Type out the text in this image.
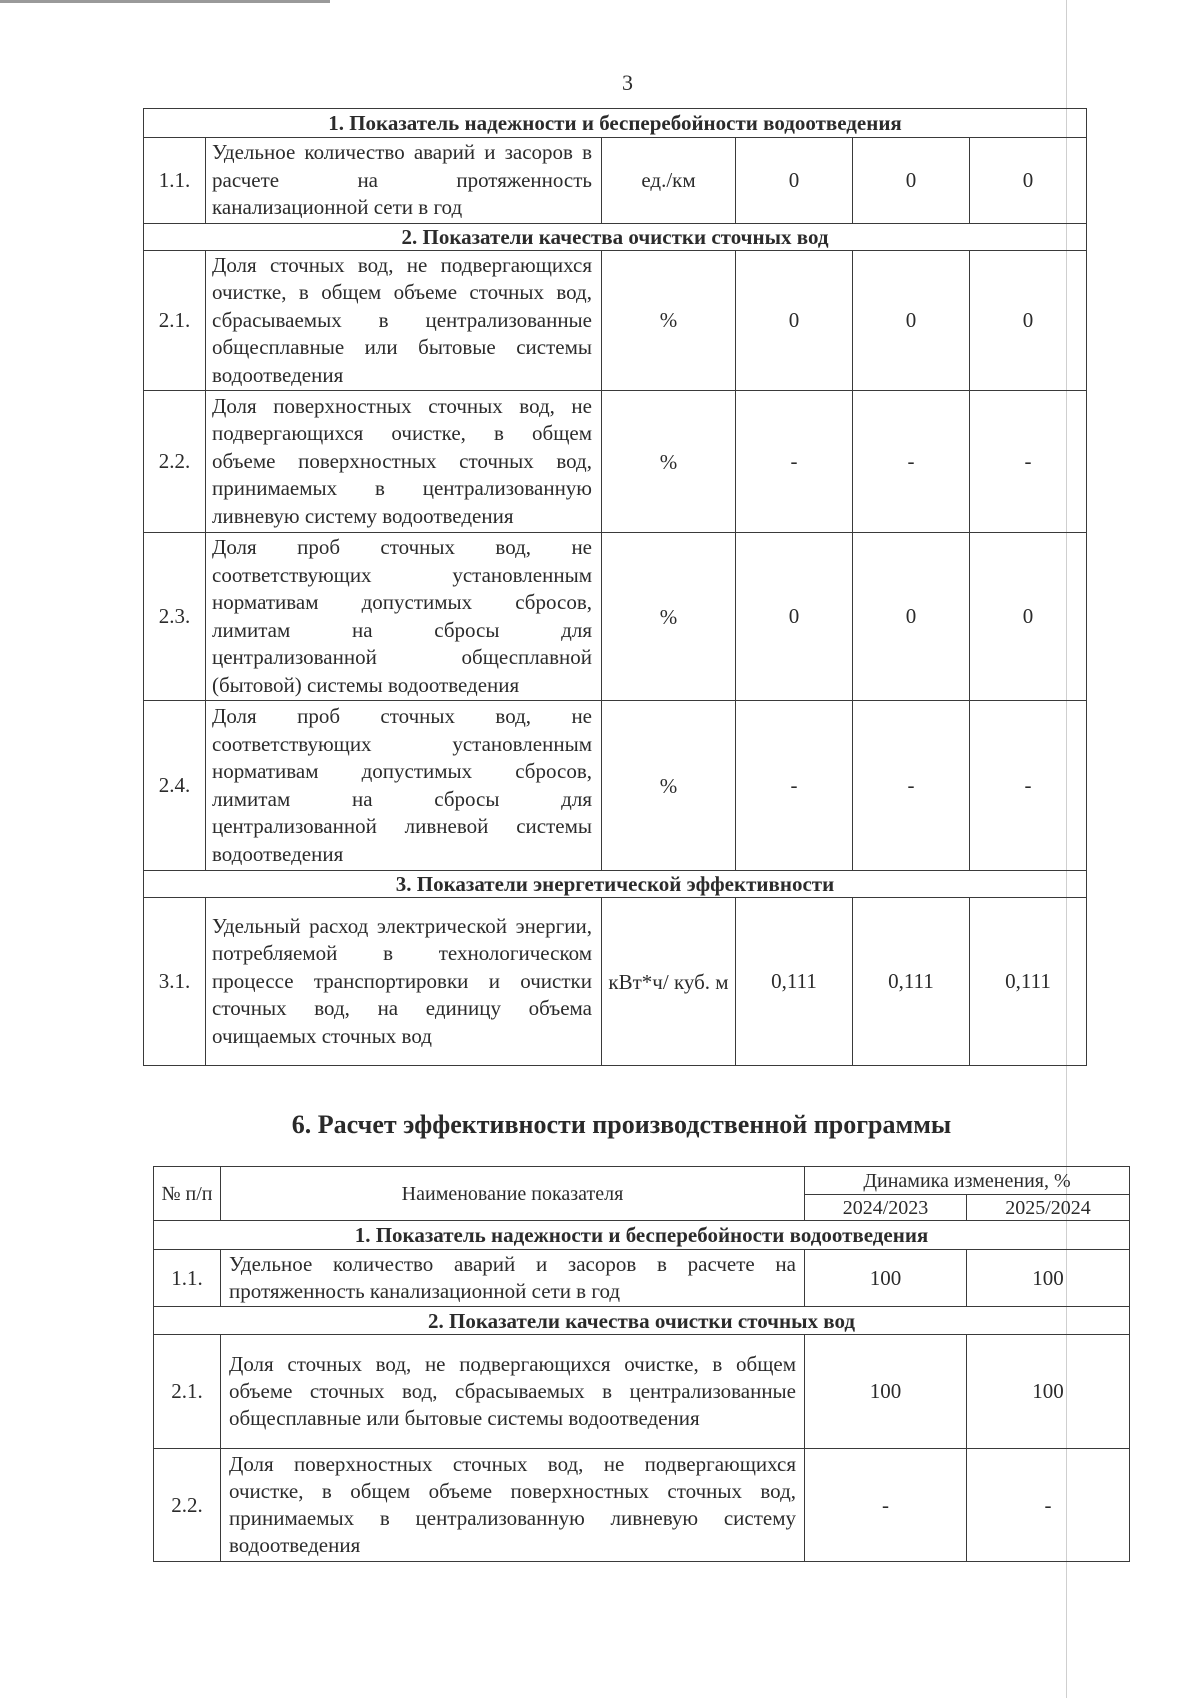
3
1. Показатель надежности и бесперебойности водоотведения					
1.1.	Удельное количество аварий и засоров в расчете на протяженность канализационной сети в год	ед./км	0	0	0
2. Показатели качества очистки сточных вод					
2.1.	Доля сточных вод, не подвергающихся очистке, в общем объеме сточных вод, сбрасываемых в централизованные общесплавные или бытовые системы водоотведения	%	0	0	0
2.2.	Доля поверхностных сточных вод, не подвергающихся очистке, в общем объеме поверхностных сточных вод, принимаемых в централизованную ливневую систему водоотведения	%	-	-	-
2.3.	Доля проб сточных вод, не соответствующих установленным нормативам допустимых сбросов, лимитам на сбросы для централизованной общесплавной (бытовой) системы водоотведения	%	0	0	0
2.4.	Доля проб сточных вод, не соответствующих установленным нормативам допустимых сбросов, лимитам на сбросы для централизованной ливневой системы водоотведения	%	-	-	-
3. Показатели энергетической эффективности					
3.1.	Удельный расход электрической энергии, потребляемой в технологическом процессе транспортировки и очистки сточных вод, на единицу объема очищаемых сточных вод	кВт*ч/ куб. м	0,111	0,111	0,111
6. Расчет эффективности производственной программы
№ п/п	Наименование показателя	Динамика изменения, %	
		2024/2023	2025/2024
1. Показатель надежности и бесперебойности водоотведения			
1.1.	Удельное количество аварий и засоров в расчете на протяженность канализационной сети в год	100	100
2. Показатели качества очистки сточных вод			
2.1.	Доля сточных вод, не подвергающихся очистке, в общем объеме сточных вод, сбрасываемых в централизованные общесплавные или бытовые системы водоотведения	100	100
2.2.	Доля поверхностных сточных вод, не подвергающихся очистке, в общем объеме поверхностных сточных вод, принимаемых в централизованную ливневую систему водоотведения	-	-
